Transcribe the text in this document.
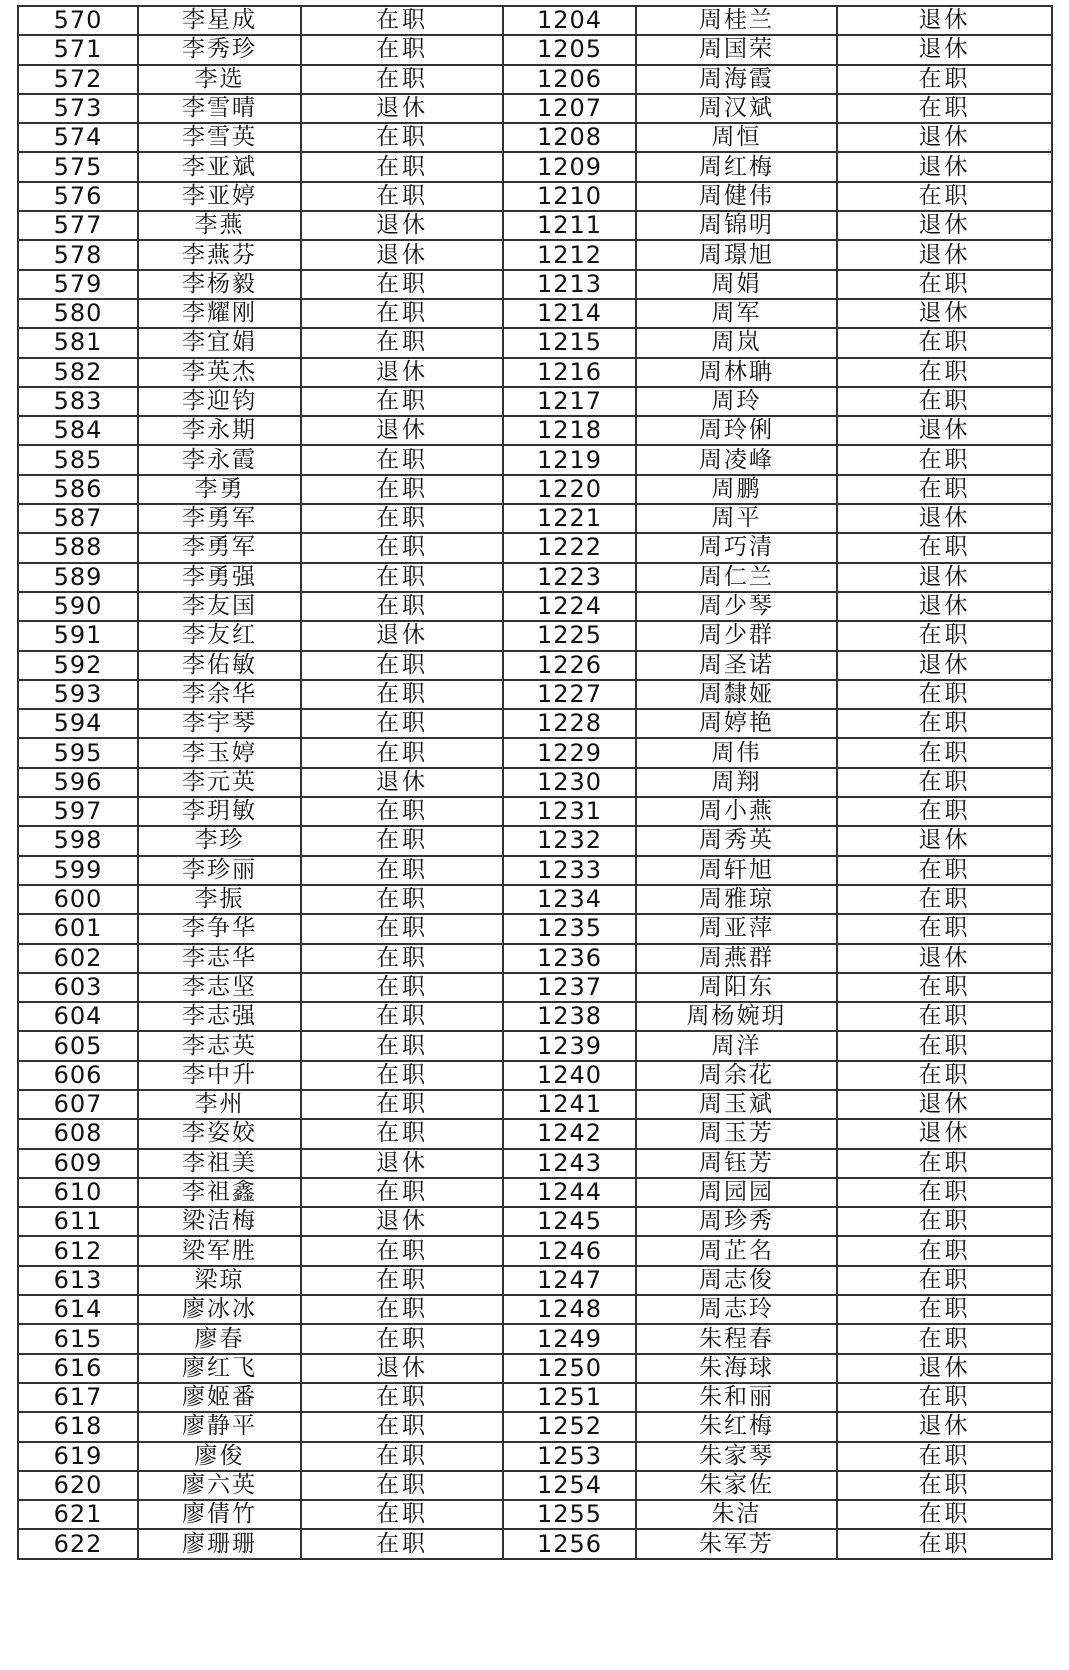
570	李星成	在职	1204	周桂兰	退休
571	李秀珍	在职	1205	周国荣	退休
572	李选	在职	1206	周海霞	在职
573	李雪晴	退休	1207	周汉斌	在职
574	李雪英	在职	1208	周恒	退休
575	李亚斌	在职	1209	周红梅	退休
576	李亚婷	在职	1210	周健伟	在职
577	李燕	退休	1211	周锦明	退休
578	李燕芬	退休	1212	周璟旭	退休
579	李杨毅	在职	1213	周娟	在职
580	李耀刚	在职	1214	周军	退休
581	李宜娟	在职	1215	周岚	在职
582	李英杰	退休	1216	周林聃	在职
583	李迎钧	在职	1217	周玲	在职
584	李永期	退休	1218	周玲俐	退休
585	李永霞	在职	1219	周凌峰	在职
586	李勇	在职	1220	周鹏	在职
587	李勇军	在职	1221	周平	退休
588	李勇军	在职	1222	周巧清	在职
589	李勇强	在职	1223	周仁兰	退休
590	李友国	在职	1224	周少琴	退休
591	李友红	退休	1225	周少群	在职
592	李佑敏	在职	1226	周圣诺	退休
593	李余华	在职	1227	周隸娅	在职
594	李宇琴	在职	1228	周婷艳	在职
595	李玉婷	在职	1229	周伟	在职
596	李元英	退休	1230	周翔	在职
597	李玥敏	在职	1231	周小燕	在职
598	李珍	在职	1232	周秀英	退休
599	李珍丽	在职	1233	周轩旭	在职
600	李振	在职	1234	周雅琼	在职
601	李争华	在职	1235	周亚萍	在职
602	李志华	在职	1236	周燕群	退休
603	李志坚	在职	1237	周阳东	在职
604	李志强	在职	1238	周杨婉玥	在职
605	李志英	在职	1239	周洋	在职
606	李中升	在职	1240	周余花	在职
607	李州	在职	1241	周玉斌	退休
608	李姿姣	在职	1242	周玉芳	退休
609	李祖美	退休	1243	周钰芳	在职
610	李祖鑫	在职	1244	周园园	在职
611	梁洁梅	退休	1245	周珍秀	在职
612	梁军胜	在职	1246	周芷名	在职
613	梁琼	在职	1247	周志俊	在职
614	廖冰冰	在职	1248	周志玲	在职
615	廖春	在职	1249	朱程春	在职
616	廖红飞	退休	1250	朱海球	退休
617	廖姬番	在职	1251	朱和丽	在职
618	廖静平	在职	1252	朱红梅	退休
619	廖俊	在职	1253	朱家琴	在职
620	廖六英	在职	1254	朱家佐	在职
621	廖倩竹	在职	1255	朱洁	在职
622	廖珊珊	在职	1256	朱军芳	在职
